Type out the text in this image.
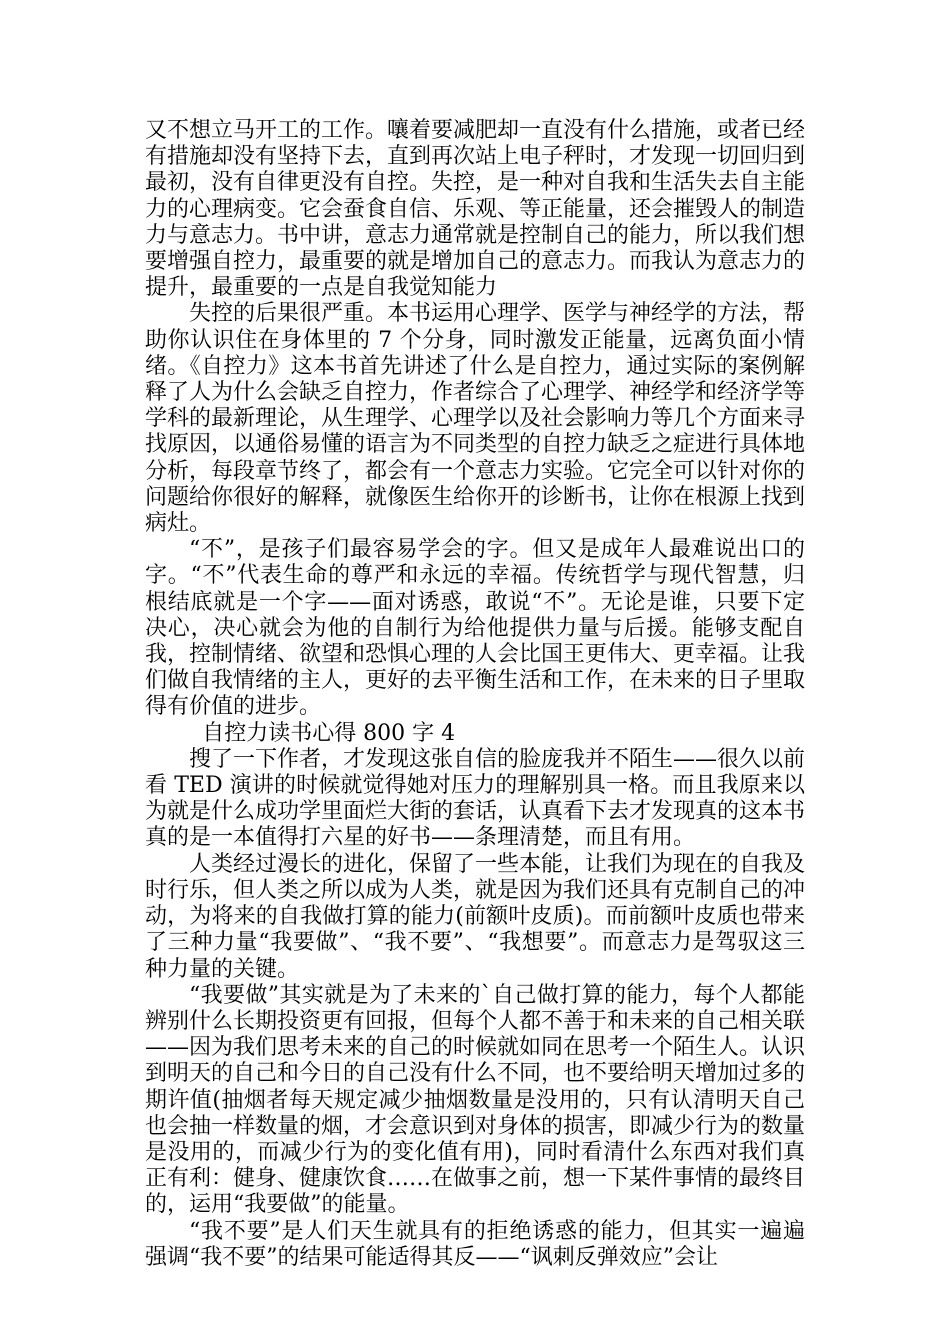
又不想立马开工的工作。嚷着要减肥却一直没有什么措施，或者已经有措施却没有坚持下去，直到再次站上电子秤时，才发现一切回归到最初，没有自律更没有自控。失控，是一种对自我和生活失去自主能力的心理病变。它会蚕食自信、乐观、等正能量，还会摧毁人的制造力与意志力。书中讲，意志力通常就是控制自己的能力，所以我们想要增强自控力，最重要的就是增加自己的意志力。而我认为意志力的提升，最重要的一点是自我觉知能力

失控的后果很严重。本书运用心理学、医学与神经学的方法，帮助你认识住在身体里的 7 个分身，同时激发正能量，远离负面小情绪。《自控力》这本书首先讲述了什么是自控力，通过实际的案例解释了人为什么会缺乏自控力，作者综合了心理学、神经学和经济学等学科的最新理论，从生理学、心理学以及社会影响力等几个方面来寻找原因，以通俗易懂的语言为不同类型的自控力缺乏之症进行具体地分析，每段章节终了，都会有一个意志力实验。它完全可以针对你的问题给你很好的解释，就像医生给你开的诊断书，让你在根源上找到病灶。

“不”，是孩子们最容易学会的字。但又是成年人最难说出口的字。“不”代表生命的尊严和永远的幸福。传统哲学与现代智慧，归根结底就是一个字——面对诱惑，敢说“不”。无论是谁，只要下定决心，决心就会为他的自制行为给他提供力量与后援。能够支配自我，控制情绪、欲望和恐惧心理的人会比国王更伟大、更幸福。让我们做自我情绪的主人，更好的去平衡生活和工作，在未来的日子里取得有价值的进步。

自控力读书心得 800 字 4

搜了一下作者，才发现这张自信的脸庞我并不陌生——很久以前看 TED 演讲的时候就觉得她对压力的理解别具一格。而且我原来以为就是什么成功学里面烂大街的套话，认真看下去才发现真的这本书真的是一本值得打六星的好书——条理清楚，而且有用。

人类经过漫长的进化，保留了一些本能，让我们为现在的自我及时行乐，但人类之所以成为人类，就是因为我们还具有克制自己的冲动，为将来的自我做打算的能力(前额叶皮质)。而前额叶皮质也带来了三种力量“我要做”、“我不要”、“我想要”。而意志力是驾驭这三种力量的关键。

“我要做”其实就是为了未来的`自己做打算的能力，每个人都能辨别什么长期投资更有回报，但每个人都不善于和未来的自己相关联——因为我们思考未来的自己的时候就如同在思考一个陌生人。认识到明天的自己和今日的自己没有什么不同，也不要给明天增加过多的期许值(抽烟者每天规定减少抽烟数量是没用的，只有认清明天自己也会抽一样数量的烟，才会意识到对身体的损害，即减少行为的数量是没用的，而减少行为的变化值有用)，同时看清什么东西对我们真正有利：健身、健康饮食……在做事之前，想一下某件事情的最终目的，运用“我要做”的能量。

“我不要”是人们天生就具有的拒绝诱惑的能力，但其实一遍遍强调“我不要”的结果可能适得其反——“讽刺反弹效应”会让
